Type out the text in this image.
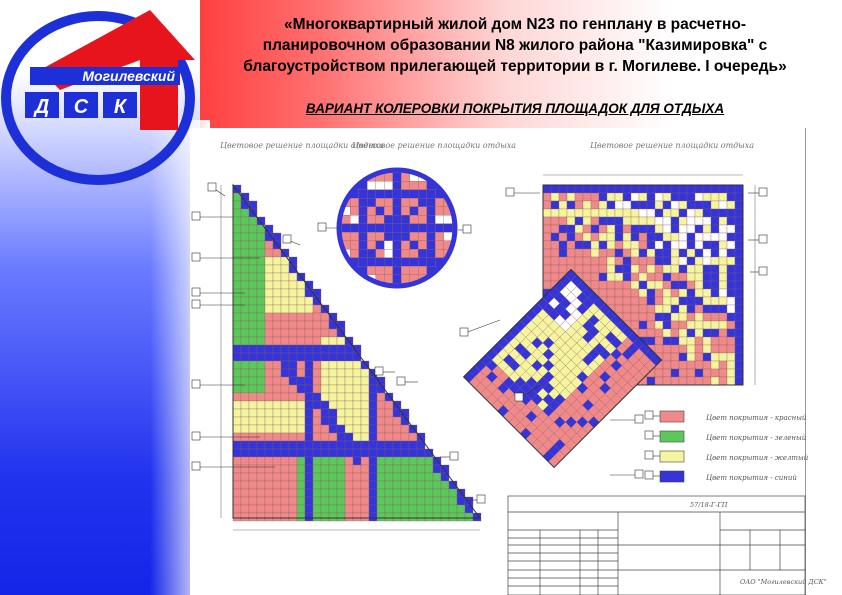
Могилевский
Д С К
«Многоквартирный жилой дом N23 по генплану в расчетно-
планировочном образовании N8 жилого района "Казимировка" с
благоустройством прилегающей территории в г. Могилеве. I очередь»
ВАРИАНТ КОЛЕРОВКИ ПОКРЫТИЯ ПЛОЩАДОК ДЛЯ ОТДЫХА
Цветовое решение площадки отдыха
Цветовое решение площадки отдыха	Цветовое решение площадки отдыха
Цвет покрытия - красный
Цвет покрытия - зеленый
Цвет покрытия - желтый
Цвет покрытия - синий
57/18-Г-ГП
ОАО "Могилевский ДСК"
